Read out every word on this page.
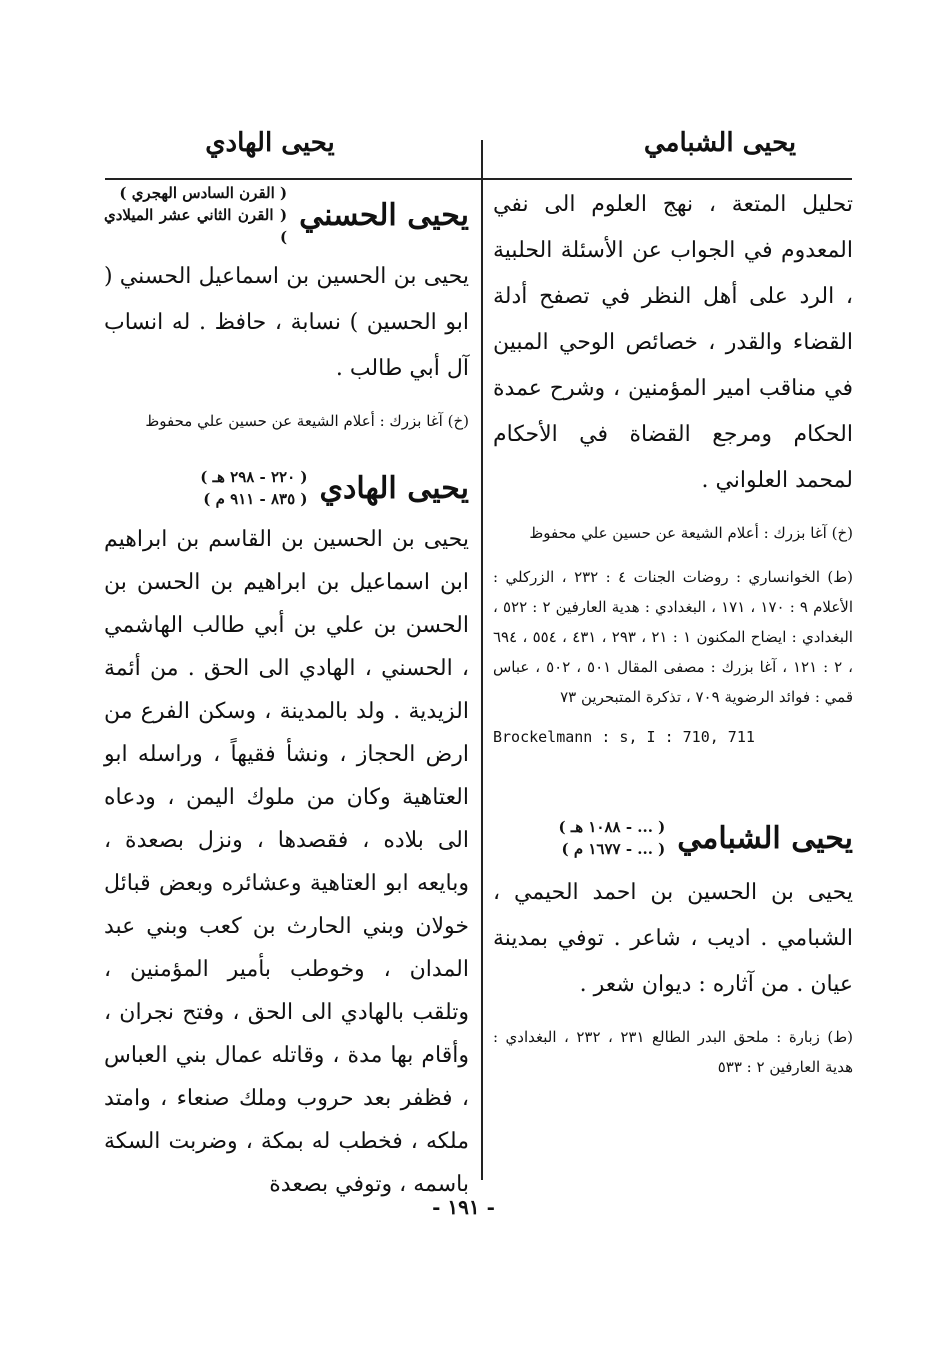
يحيى الشبامي
يحيى الهادي

تحليل المتعة ، نهج العلوم الى نفي المعدوم في الجواب عن الأسئلة الحلبية ، الرد على أهل النظر في تصفح أدلة القضاء والقدر ، خصائص الوحي المبين في مناقب امير المؤمنين ، وشرح عمدة الحكام ومرجع القضاة في الأحكام لمحمد العلواني .

(خ) آغا بزرك : أعلام الشيعة عن حسين علي محفوظ

(ط) الخوانساري : روضات الجنات ٤ : ٢٣٢ ، الزركلي : الأعلام ٩ : ١٧٠ ، ١٧١ ، البغدادي : هدية العارفين ٢ : ٥٢٢ ، البغدادي : ايضاح المكنون ١ : ٢١ ، ٢٩٣ ، ٤٣١ ، ٥٥٤ ، ٦٩٤ ، ٢ : ١٢١ ، آغا بزرك : مصفى المقال ٥٠١ ، ٥٠٢ ، عباس قمي : فوائد الرضوية ٧٠٩ ، تذكرة المتبحرين ٧٣

Brockelmann : s, I : 710, 711

يحيى الشبامي
( ... - ١٠٨٨ هـ )
( ... - ١٦٧٧ م )

يحيى بن الحسين بن احمد الحيمي ، الشبامي . اديب ، شاعر . توفي بمدينة عيان . من آثاره : ديوان شعر .

(ط) زبارة : ملحق البدر الطالع ٢٣١ ، ٢٣٢ ، البغدادي : هدية العارفين ٢ : ٥٣٣

يحيى الحسني
( القرن السادس الهجري )
( القرن الثاني عشر الميلادي )

يحيى بن الحسين بن اسماعيل الحسني ( ابو الحسين ) نسابة ، حافظ . له انساب آل أبي طالب .

(خ) آغا بزرك : أعلام الشيعة عن حسين علي محفوظ

يحيى الهادي
( ٢٢٠ - ٢٩٨ هـ )
( ٨٣٥ - ٩١١ م )

يحيى بن الحسين بن القاسم بن ابراهيم ابن اسماعيل بن ابراهيم بن الحسن بن الحسن بن علي بن أبي طالب الهاشمي ، الحسني ، الهادي الى الحق . من أئمة الزيدية . ولد بالمدينة ، وسكن الفرع من ارض الحجاز ، ونشأ فقيهاً ، وراسله ابو العتاهية وكان من ملوك اليمن ، ودعاه الى بلاده ، فقصدها ، ونزل بصعدة ، وبايعه ابو العتاهية وعشائره وبعض قبائل خولان وبني الحارث بن كعب وبني عبد المدان ، وخوطب بأمير المؤمنين ، وتلقب بالهادي الى الحق ، وفتح نجران ، وأقام بها مدة ، وقاتله عمال بني العباس ، فظفر بعد حروب وملك صنعاء ، وامتد ملكه ، فخطب له بمكة ، وضربت السكة باسمه ، وتوفي بصعدة

- ١٩١ -
